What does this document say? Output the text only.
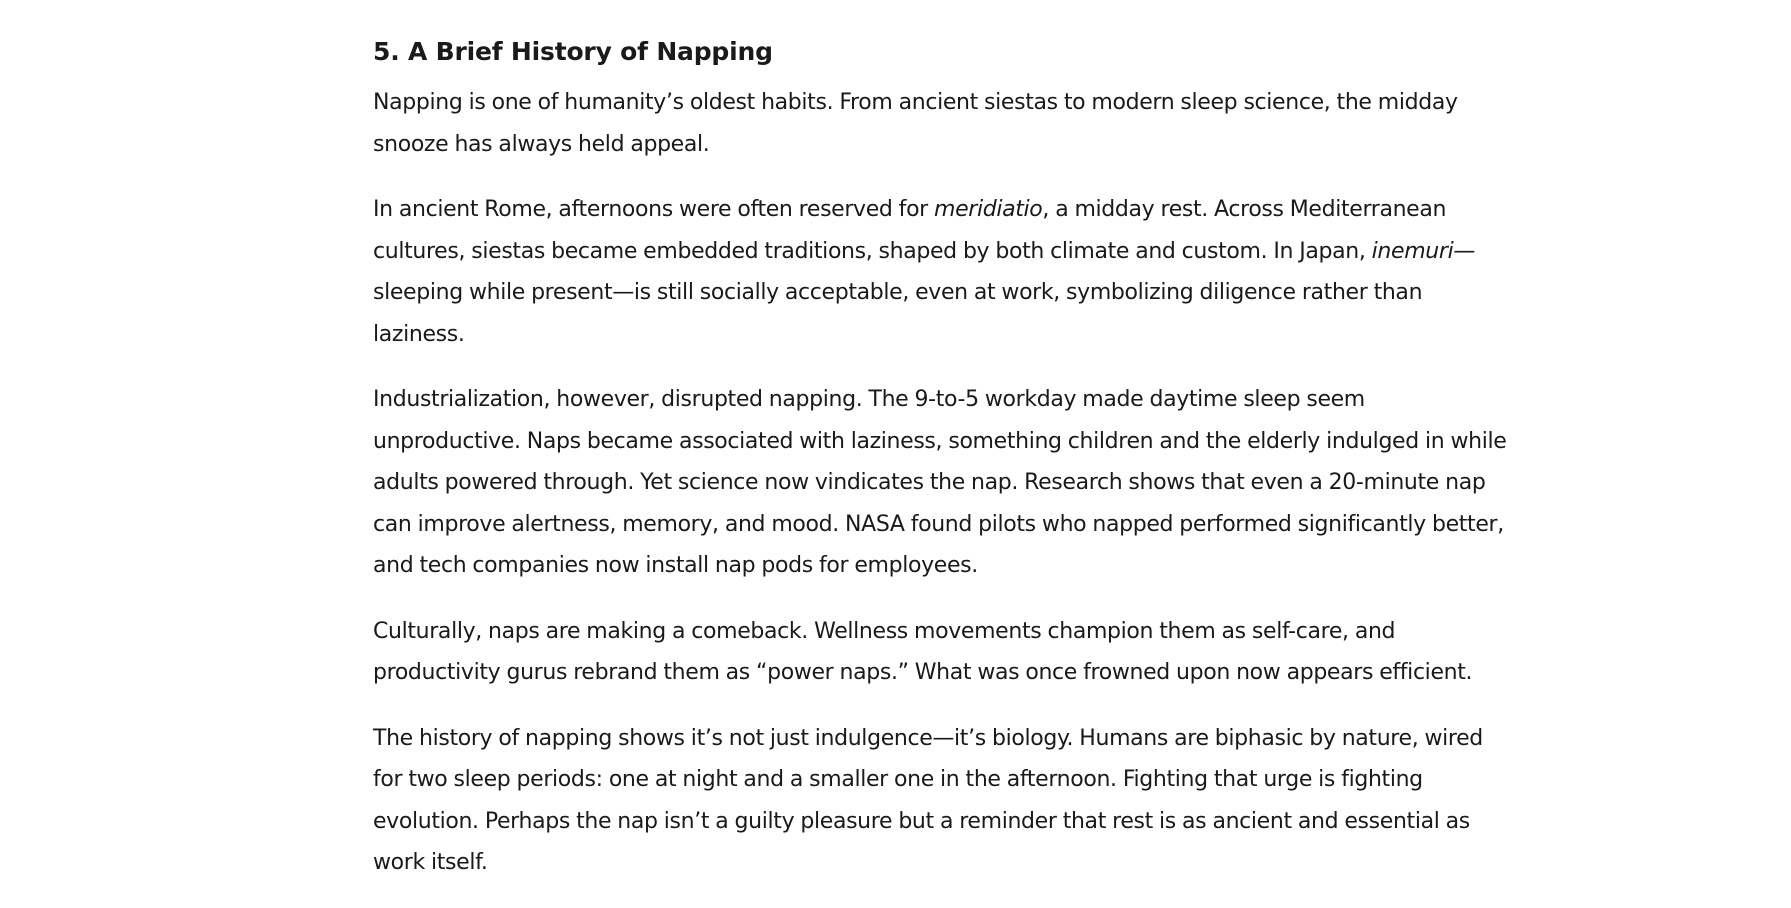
5. A Brief History of Napping

Napping is one of humanity’s oldest habits. From ancient siestas to modern sleep science, the midday snooze has always held appeal.

In ancient Rome, afternoons were often reserved for meridiatio, a midday rest. Across Mediterranean cultures, siestas became embedded traditions, shaped by both climate and custom. In Japan, inemuri—sleeping while present—is still socially acceptable, even at work, symbolizing diligence rather than laziness.

Industrialization, however, disrupted napping. The 9-to-5 workday made daytime sleep seem unproductive. Naps became associated with laziness, something children and the elderly indulged in while adults powered through. Yet science now vindicates the nap. Research shows that even a 20-minute nap can improve alertness, memory, and mood. NASA found pilots who napped performed significantly better, and tech companies now install nap pods for employees.

Culturally, naps are making a comeback. Wellness movements champion them as self-care, and productivity gurus rebrand them as “power naps.” What was once frowned upon now appears efficient.

The history of napping shows it’s not just indulgence—it’s biology. Humans are biphasic by nature, wired for two sleep periods: one at night and a smaller one in the afternoon. Fighting that urge is fighting evolution. Perhaps the nap isn’t a guilty pleasure but a reminder that rest is as ancient and essential as work itself.
